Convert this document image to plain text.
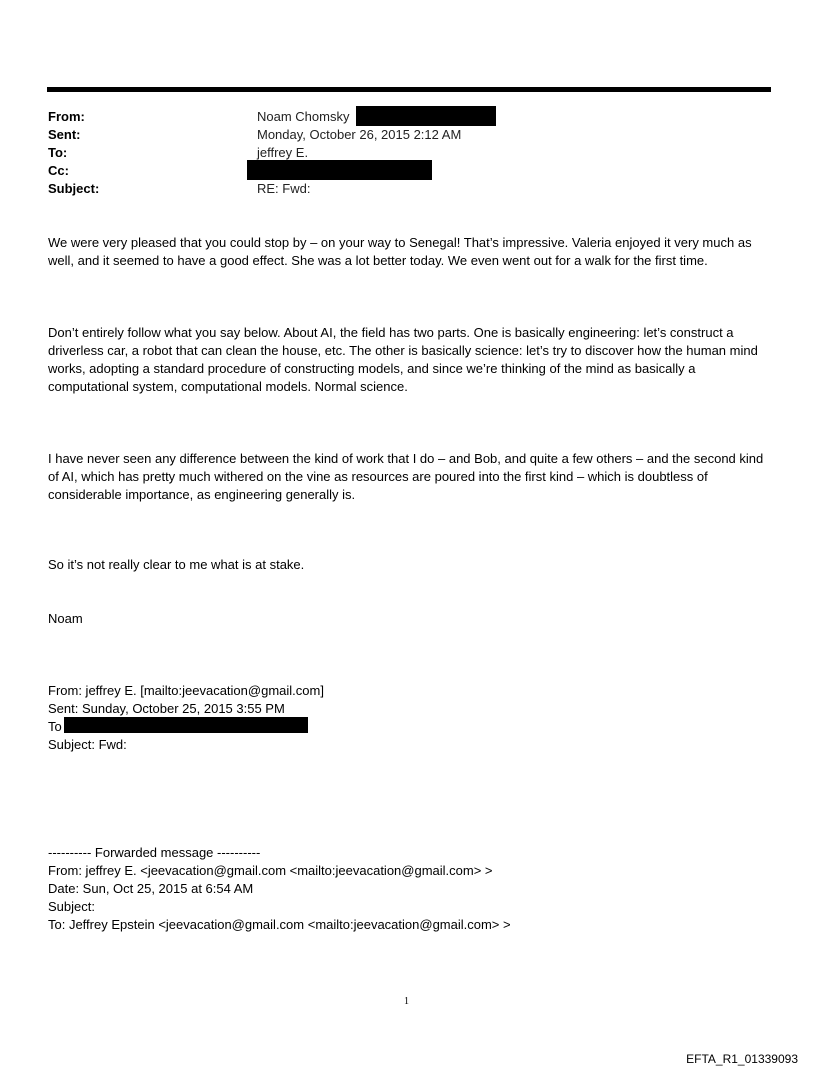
From:	Noam Chomsky
Sent:	Monday, October 26, 2015 2:12 AM
To:	jeffrey E.
Cc:
Subject:	RE: Fwd:
We were very pleased that you could stop by – on your way to Senegal! That’s impressive. Valeria enjoyed it very much as well, and it seemed to have a good effect. She was a lot better today. We even went out for a walk for the first time.
Don’t entirely follow what you say below. About AI, the field has two parts. One is basically engineering: let’s construct a driverless car, a robot that can clean the house, etc. The other is basically science: let’s try to discover how the human mind works, adopting a standard procedure of constructing models, and since we’re thinking of the mind as basically a computational system, computational models. Normal science.
I have never seen any difference between the kind of work that I do – and Bob, and quite a few others – and the second kind of AI, which has pretty much withered on the vine as resources are poured into the first kind – which is doubtless of considerable importance, as engineering generally is.
So it’s not really clear to me what is at stake.
Noam
From: jeffrey E. [mailto:jeevacation@gmail.com]
Sent: Sunday, October 25, 2015 3:55 PM
To
Subject: Fwd:
---------- Forwarded message ----------
From: jeffrey E. <jeevacation@gmail.com <mailto:jeevacation@gmail.com> >
Date: Sun, Oct 25, 2015 at 6:54 AM
Subject:
To: Jeffrey Epstein <jeevacation@gmail.com <mailto:jeevacation@gmail.com> >
1
EFTA_R1_01339093
